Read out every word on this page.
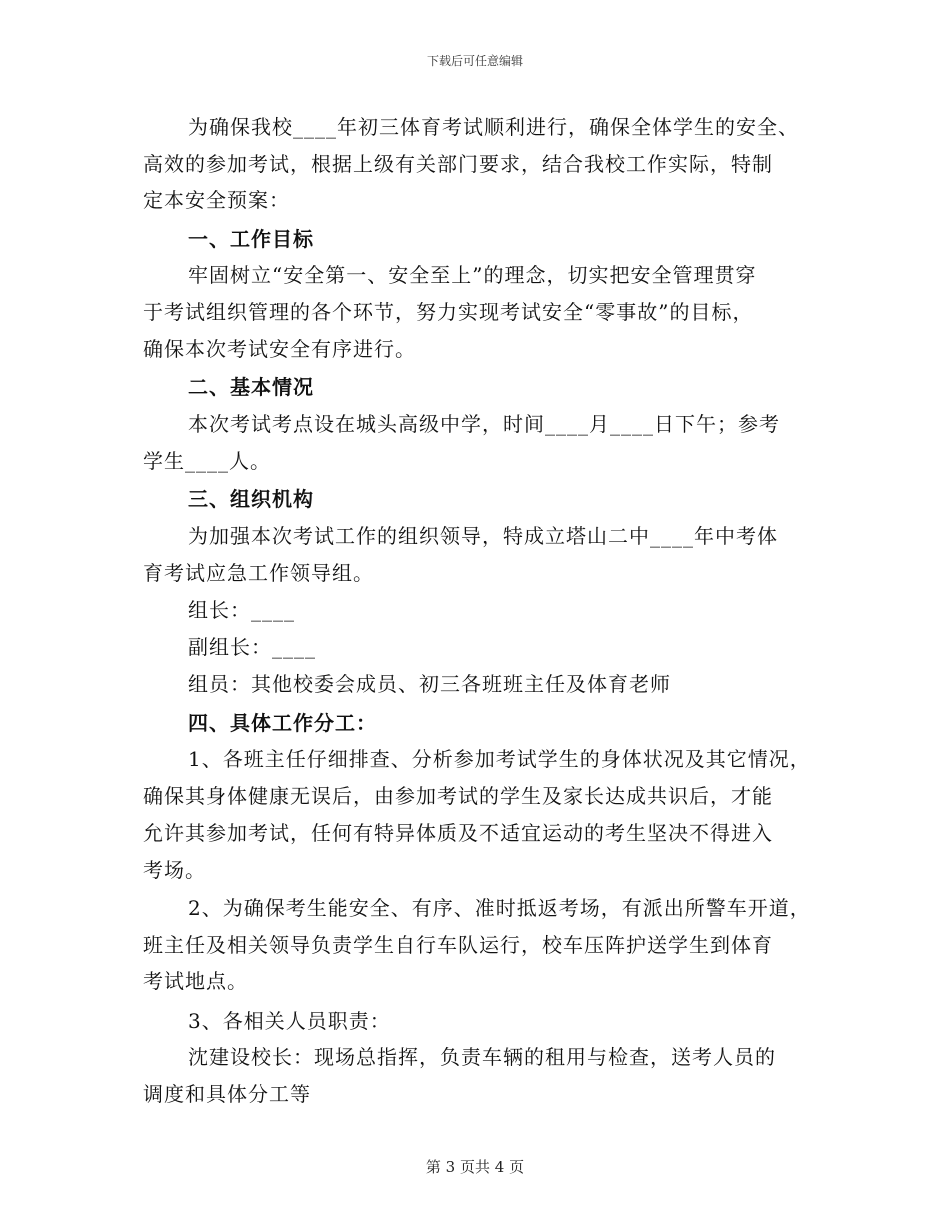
下载后可任意编辑
为确保我校____年初三体育考试顺利进行，确保全体学生的安全、
高效的参加考试，根据上级有关部门要求，结合我校工作实际，特制
定本安全预案：
一、工作目标
牢固树立“安全第一、安全至上”的理念，切实把安全管理贯穿
于考试组织管理的各个环节，努力实现考试安全“零事故”的目标，
确保本次考试安全有序进行。
二、基本情况
本次考试考点设在城头高级中学，时间____月____日下午；参考
学生____人。
三、组织机构
为加强本次考试工作的组织领导，特成立塔山二中____年中考体
育考试应急工作领导组。
组长：____
副组长：____
组员：其他校委会成员、初三各班班主任及体育老师
四、具体工作分工：
1、各班主任仔细排查、分析参加考试学生的身体状况及其它情况，
确保其身体健康无误后，由参加考试的学生及家长达成共识后，才能
允许其参加考试，任何有特异体质及不适宜运动的考生坚决不得进入
考场。
2、为确保考生能安全、有序、准时抵返考场，有派出所警车开道，
班主任及相关领导负责学生自行车队运行，校车压阵护送学生到体育
考试地点。
3、各相关人员职责：
沈建设校长：现场总指挥，负责车辆的租用与检查，送考人员的
调度和具体分工等
第 3 页共 4 页
